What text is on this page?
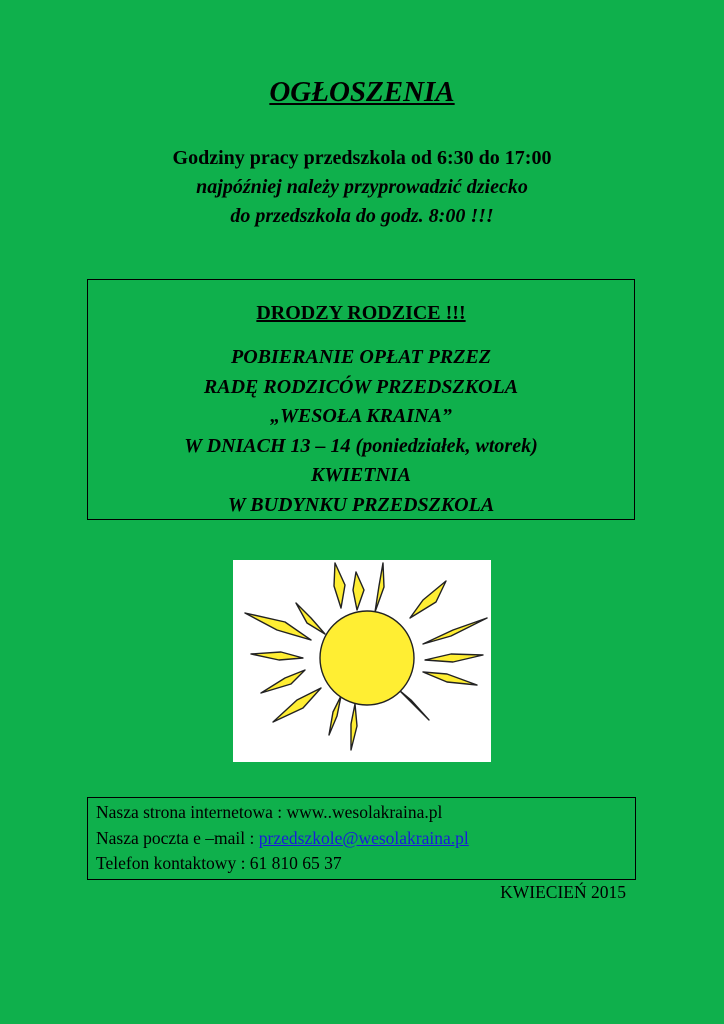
OGŁOSZENIA
Godziny pracy przedszkola od 6:30 do 17:00
najpóźniej należy przyprowadzić dziecko
do przedszkola do godz. 8:00 !!!
DRODZY RODZICE !!!
POBIERANIE OPŁAT PRZEZ
RADĘ RODZICÓW PRZEDSZKOLA
„WESOŁA KRAINA”
W DNIACH 13 – 14 (poniedziałek, wtorek)
KWIETNIA
W BUDYNKU PRZEDSZKOLA
Nasza strona internetowa : www..wesolakraina.pl
Nasza poczta e –mail : przedszkole@wesolakraina.pl
Telefon kontaktowy : 61 810 65 37
KWIECIEŃ 2015
